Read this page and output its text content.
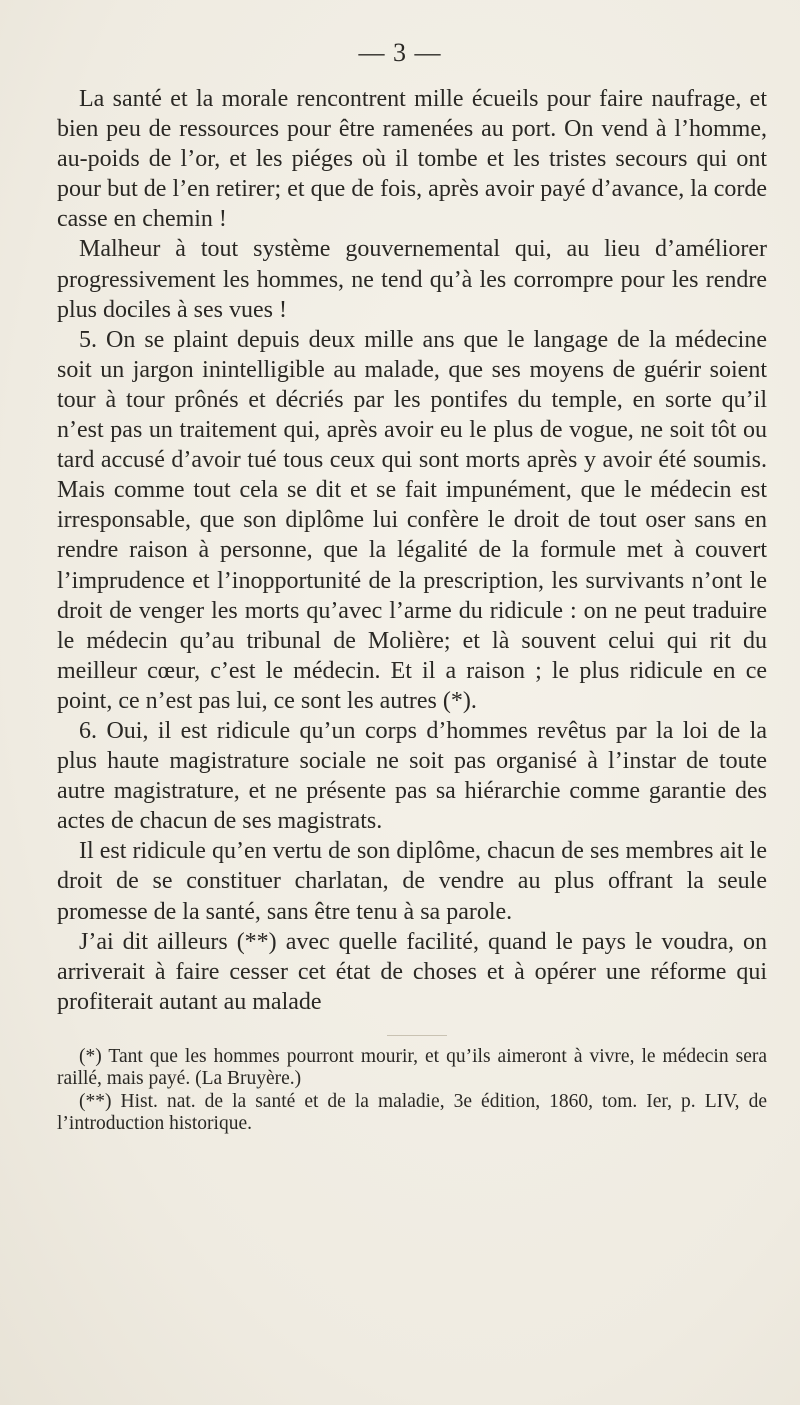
— 3 —

La santé et la morale rencontrent mille écueils pour faire naufrage, et bien peu de ressources pour être ramenées au port. On vend à l’homme, au-poids de l’or, et les piéges où il tombe et les tristes secours qui ont pour but de l’en retirer; et que de fois, après avoir payé d’avance, la corde casse en chemin !

Malheur à tout système gouvernemental qui, au lieu d’améliorer progressivement les hommes, ne tend qu’à les corrompre pour les rendre plus dociles à ses vues !

5. On se plaint depuis deux mille ans que le langage de la médecine soit un jargon inintelligible au malade, que ses moyens de guérir soient tour à tour prônés et décriés par les pontifes du temple, en sorte qu’il n’est pas un traitement qui, après avoir eu le plus de vogue, ne soit tôt ou tard accusé d’avoir tué tous ceux qui sont morts après y avoir été soumis. Mais comme tout cela se dit et se fait impunément, que le médecin est irresponsable, que son diplôme lui confère le droit de tout oser sans en rendre raison à personne, que la légalité de la formule met à couvert l’imprudence et l’inopportunité de la prescription, les survivants n’ont le droit de venger les morts qu’avec l’arme du ridicule : on ne peut traduire le médecin qu’au tribunal de Molière; et là souvent celui qui rit du meilleur cœur, c’est le médecin. Et il a raison ; le plus ridicule en ce point, ce n’est pas lui, ce sont les autres (*).

6. Oui, il est ridicule qu’un corps d’hommes revêtus par la loi de la plus haute magistrature sociale ne soit pas organisé à l’instar de toute autre magistrature, et ne présente pas sa hiérarchie comme garantie des actes de chacun de ses magistrats.

Il est ridicule qu’en vertu de son diplôme, chacun de ses membres ait le droit de se constituer charlatan, de vendre au plus offrant la seule promesse de la santé, sans être tenu à sa parole.

J’ai dit ailleurs (**) avec quelle facilité, quand le pays le voudra, on arriverait à faire cesser cet état de choses et à opérer une réforme qui profiterait autant au malade

(*) Tant que les hommes pourront mourir, et qu’ils aimeront à vivre, le médecin sera raillé, mais payé. (La Bruyère.)

(**) Hist. nat. de la santé et de la maladie, 3e édition, 1860, tom. Ier, p. LIV, de l’introduction historique.
